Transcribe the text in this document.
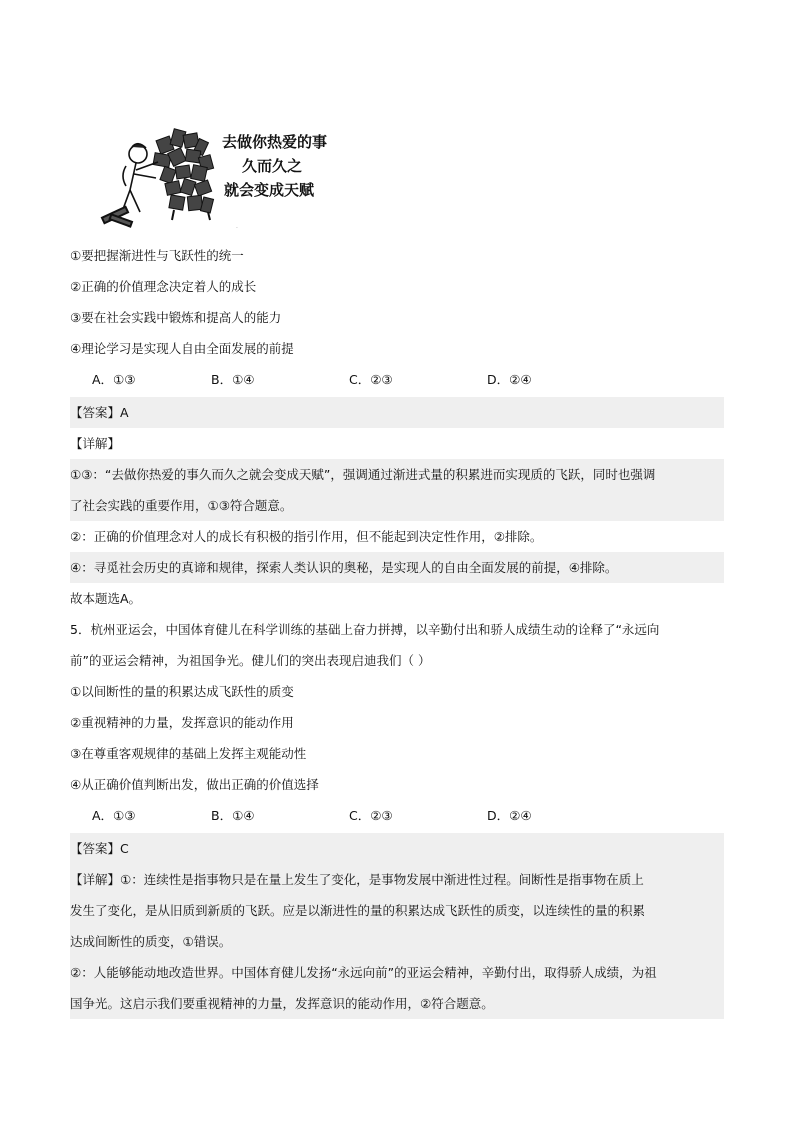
·
去做你热爱的事
久而久之
就会变成天赋
①要把握渐进性与飞跃性的统一
②正确的价值理念决定着人的成长
③要在社会实践中锻炼和提高人的能力
④理论学习是实现人自由全面发展的前提
A．①③	B．①④	C．②③	D．②④
【答案】A
【详解】
①③：“去做你热爱的事久而久之就会变成天赋”，强调通过渐进式量的积累进而实现质的飞跃，同时也强调
了社会实践的重要作用，①③符合题意。
②：正确的价值理念对人的成长有积极的指引作用，但不能起到决定性作用，②排除。
④：寻觅社会历史的真谛和规律，探索人类认识的奥秘，是实现人的自由全面发展的前提，④排除。
故本题选A。
5．杭州亚运会，中国体育健儿在科学训练的基础上奋力拼搏，以辛勤付出和骄人成绩生动的诠释了“永远向
前”的亚运会精神，为祖国争光。健儿们的突出表现启迪我们（ ）
①以间断性的量的积累达成飞跃性的质变
②重视精神的力量，发挥意识的能动作用
③在尊重客观规律的基础上发挥主观能动性
④从正确价值判断出发，做出正确的价值选择
A．①③	B．①④	C．②③	D．②④
【答案】C
【详解】①：连续性是指事物只是在量上发生了变化，是事物发展中渐进性过程。间断性是指事物在质上
发生了变化，是从旧质到新质的飞跃。应是以渐进性的量的积累达成飞跃性的质变，以连续性的量的积累
达成间断性的质变，①错误。
②：人能够能动地改造世界。中国体育健儿发扬“永远向前”的亚运会精神，辛勤付出，取得骄人成绩，为祖
国争光。这启示我们要重视精神的力量，发挥意识的能动作用，②符合题意。
